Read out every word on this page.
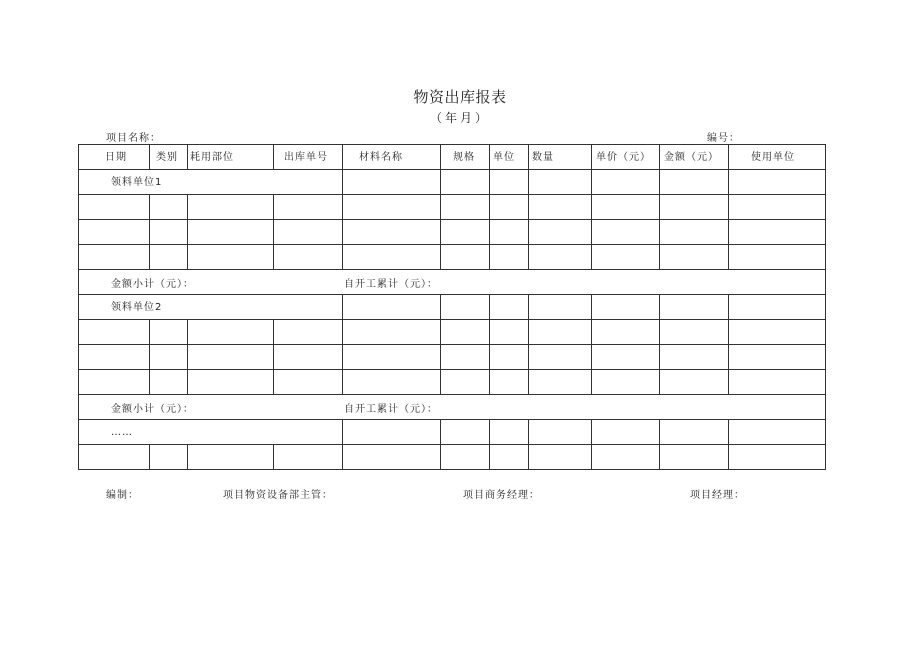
物资出库报表
（年月）
项目名称：	编号：
日期	类别	耗用部位	出库单号	材料名称	规格	单位	数量	单价（元）	金额（元）	使用单位
领料单位1										

金额小计（元）： 自开工累计（元）：										
领料单位2										

金额小计（元）： 自开工累计（元）：										
……										

编制：	项目物资设备部主管：	项目商务经理：	项目经理：
